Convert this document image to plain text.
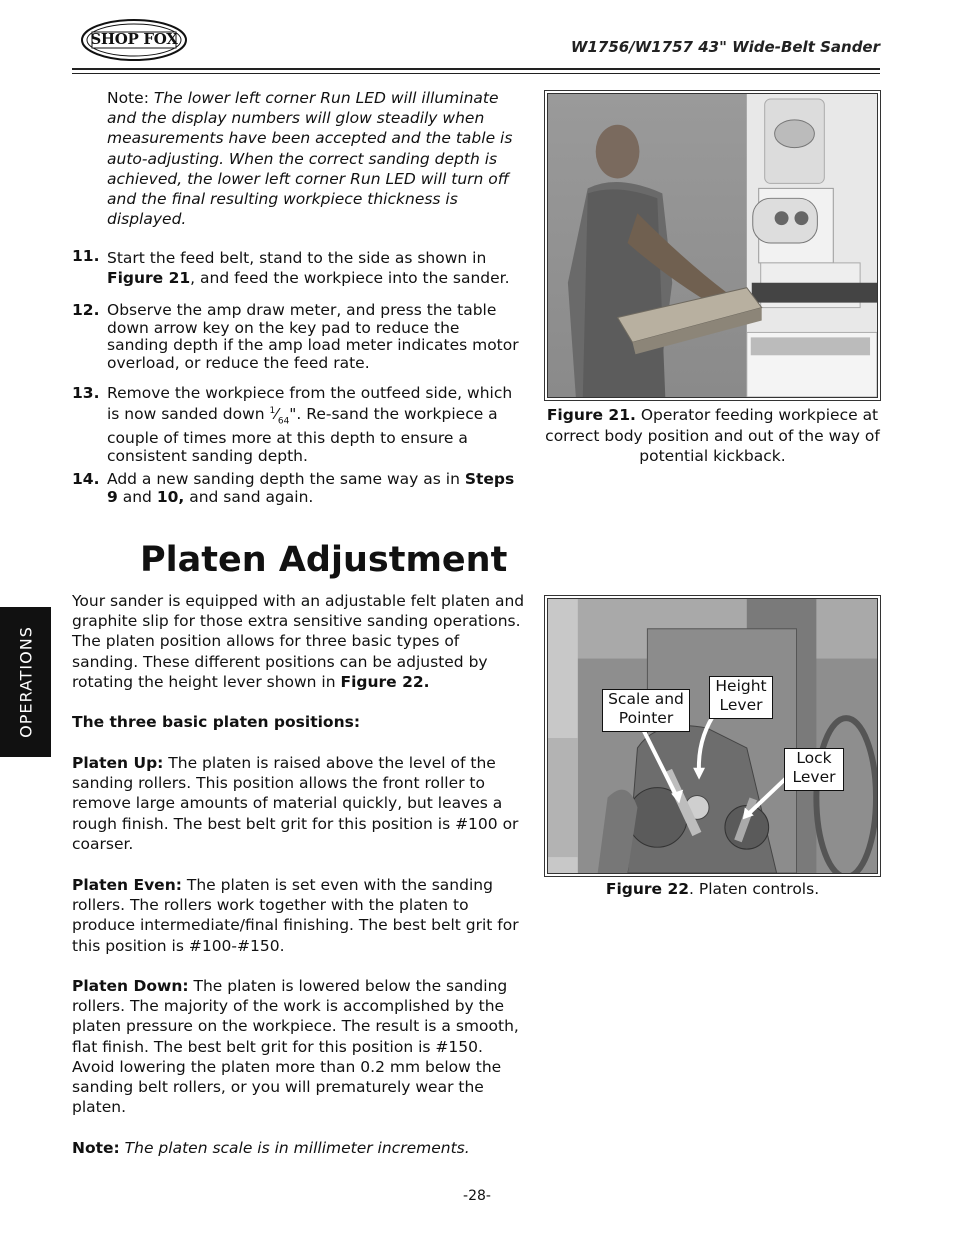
SHOP FOX	W1756/W1757 43" Wide-Belt Sander
Note: The lower left corner Run LED will illuminate and the display numbers will glow steadily when measurements have been accepted and the table is auto-adjusting. When the correct sanding depth is achieved, the lower left corner Run LED will turn off and the final resulting workpiece thickness is displayed.
11. Start the feed belt, stand to the side as shown in Figure 21, and feed the workpiece into the sander.
12. Observe the amp draw meter, and press the table down arrow key on the key pad to reduce the sanding depth if the amp load meter indicates motor overload, or reduce the feed rate.
13. Remove the workpiece from the outfeed side, which is now sanded down $^1⁄_{64}$". Re-sand the workpiece a couple of times more at this depth to ensure a consistent sanding depth.
14. Add a new sanding depth the same way as in Steps 9 and 10, and sand again.
Figure 21. Operator feeding workpiece at correct body position and out of the way of potential kickback.
Platen Adjustment
OPERATIONS
Your sander is equipped with an adjustable felt platen and graphite slip for those extra sensitive sanding operations. The platen position allows for three basic types of sanding. These different positions can be adjusted by rotating the height lever shown in Figure 22.
The three basic platen positions:
Platen Up: The platen is raised above the level of the sanding rollers. This position allows the front roller to remove large amounts of material quickly, but leaves a rough finish. The best belt grit for this position is #100 or coarser.
Platen Even: The platen is set even with the sanding rollers. The rollers work together with the platen to produce intermediate/final finishing. The best belt grit for this position is #100-#150.
Platen Down: The platen is lowered below the sanding rollers. The majority of the work is accomplished by the platen pressure on the workpiece. The result is a smooth, flat finish. The best belt grit for this position is #150. Avoid lowering the platen more than 0.2 mm below the sanding belt rollers, or you will prematurely wear the platen.
Note: The platen scale is in millimeter increments.
Scale and
Pointer
Height
Lever
Lock
Lever
Figure 22. Platen controls.
-28-
